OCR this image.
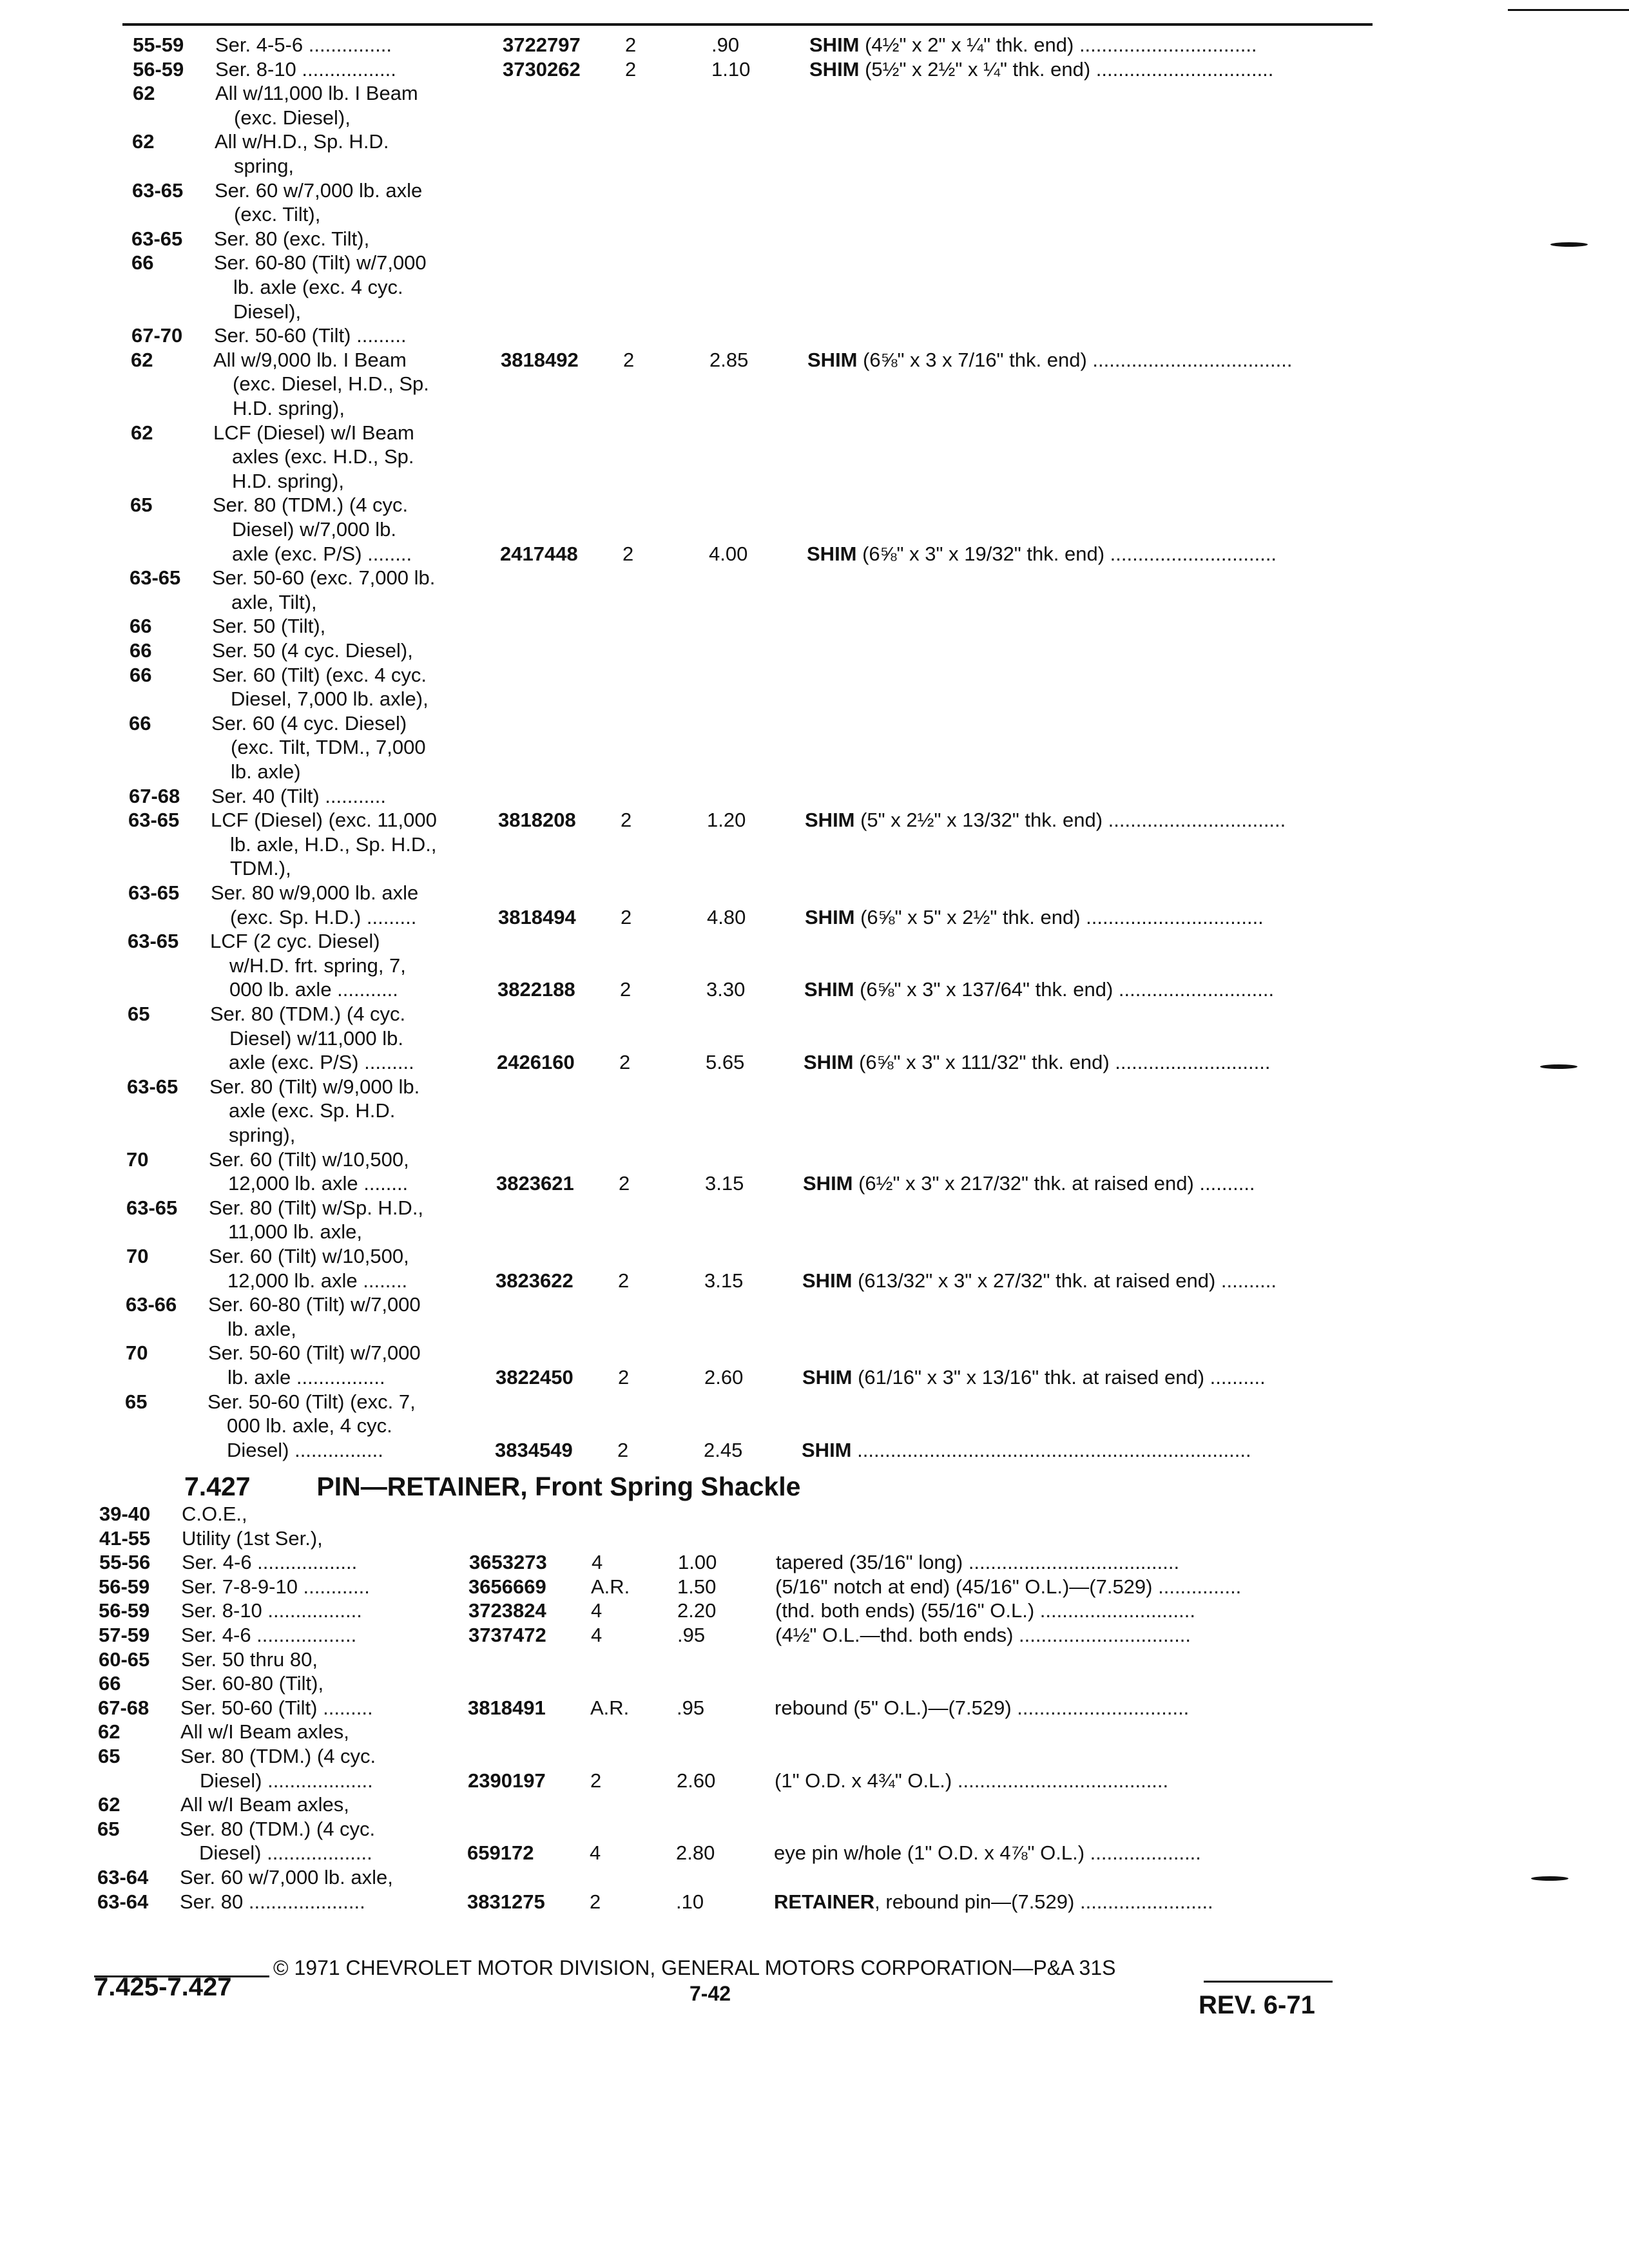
55-59 Ser. 4-5-6 ...............	3722797 2	.90	SHIM (4½" x 2" x ¼" thk. end) ................................
56-59 Ser. 8-10 .................	3730262 2	1.10	SHIM (5½" x 2½" x ¼" thk. end) ................................
62	All w/11,000 lb. I Beam
(exc. Diesel),
62	All w/H.D., Sp. H.D.
spring,
63-65 Ser. 60 w/7,000 lb. axle
(exc. Tilt),
63-65 Ser. 80 (exc. Tilt),
66	Ser. 60-80 (Tilt) w/7,000
lb. axle (exc. 4 cyc.
Diesel),
67-70 Ser. 50-60 (Tilt) .........
62	All w/9,000 lb. I Beam	3818492 2	2.85	SHIM (6⅝" x 3 x 7/16" thk. end) ....................................
(exc. Diesel, H.D., Sp.
H.D. spring),
62	LCF (Diesel) w/I Beam
axles (exc. H.D., Sp.
H.D. spring),
65	Ser. 80 (TDM.) (4 cyc.
Diesel) w/7,000 lb.
axle (exc. P/S) ........	2417448 2	4.00	SHIM (6⅝" x 3" x 19/32" thk. end) ..............................
63-65 Ser. 50-60 (exc. 7,000 lb.
axle, Tilt),
66	Ser. 50 (Tilt),
66	Ser. 50 (4 cyc. Diesel),
66	Ser. 60 (Tilt) (exc. 4 cyc.
Diesel, 7,000 lb. axle),
66	Ser. 60 (4 cyc. Diesel)
(exc. Tilt, TDM., 7,000
lb. axle)
67-68 Ser. 40 (Tilt) ...........
63-65 LCF (Diesel) (exc. 11,000	3818208 2	1.20	SHIM (5" x 2½" x 13/32" thk. end) ................................
lb. axle, H.D., Sp. H.D.,
TDM.),
63-65 Ser. 80 w/9,000 lb. axle
(exc. Sp. H.D.) .........	3818494 2	4.80	SHIM (6⅝" x 5" x 2½" thk. end) ................................
63-65 LCF (2 cyc. Diesel)
w/H.D. frt. spring, 7,
000 lb. axle ...........	3822188 2	3.30	SHIM (6⅝" x 3" x 137/64" thk. end) ............................
65	Ser. 80 (TDM.) (4 cyc.
Diesel) w/11,000 lb.
axle (exc. P/S) .........	2426160 2	5.65	SHIM (6⅝" x 3" x 111/32" thk. end) ............................
63-65 Ser. 80 (Tilt) w/9,000 lb.
axle (exc. Sp. H.D.
spring),
70	Ser. 60 (Tilt) w/10,500,
12,000 lb. axle ........	3823621 2	3.15	SHIM (6½" x 3" x 217/32" thk. at raised end) ..........
63-65 Ser. 80 (Tilt) w/Sp. H.D.,
11,000 lb. axle,
70	Ser. 60 (Tilt) w/10,500,
12,000 lb. axle ........	3823622 2	3.15	SHIM (613/32" x 3" x 27/32" thk. at raised end) ..........
63-66 Ser. 60-80 (Tilt) w/7,000
lb. axle,
70	Ser. 50-60 (Tilt) w/7,000
lb. axle ................	3822450 2	2.60	SHIM (61/16" x 3" x 13/16" thk. at raised end) ..........
65	Ser. 50-60 (Tilt) (exc. 7,
000 lb. axle, 4 cyc.
Diesel) ................	3834549 2	2.45	SHIM .......................................................................
7.427	PIN—RETAINER, Front Spring Shackle
39-40 C.O.E.,
41-55 Utility (1st Ser.),
55-56 Ser. 4-6 ..................	3653273 4	1.00	tapered (35/16" long) ......................................
56-59 Ser. 7-8-9-10 ............	3656669 A.R. 1.50	(5/16" notch at end) (45/16" O.L.)—(7.529) ...............
56-59 Ser. 8-10 .................	3723824 4	2.20	(thd. both ends) (55/16" O.L.) ............................
57-59 Ser. 4-6 ..................	3737472 4	.95	(4½" O.L.—thd. both ends) ...............................
60-65 Ser. 50 thru 80,
66	Ser. 60-80 (Tilt),
67-68 Ser. 50-60 (Tilt) .........	3818491 A.R. .95	rebound (5" O.L.)—(7.529) ...............................
62	All w/I Beam axles,
65	Ser. 80 (TDM.) (4 cyc.
Diesel) ...................	2390197 2	2.60	(1" O.D. x 4¾" O.L.) ......................................
62	All w/I Beam axles,
65	Ser. 80 (TDM.) (4 cyc.
Diesel) ...................	659172	4	2.80	eye pin w/hole (1" O.D. x 4⅞" O.L.) ....................
63-64 Ser. 60 w/7,000 lb. axle,
63-64 Ser. 80 .....................	3831275 2	.10	RETAINER, rebound pin—(7.529) ........................
© 1971 CHEVROLET MOTOR DIVISION, GENERAL MOTORS CORPORATION—P&A 31S
7.425-7.427	7-42	REV. 6-71
